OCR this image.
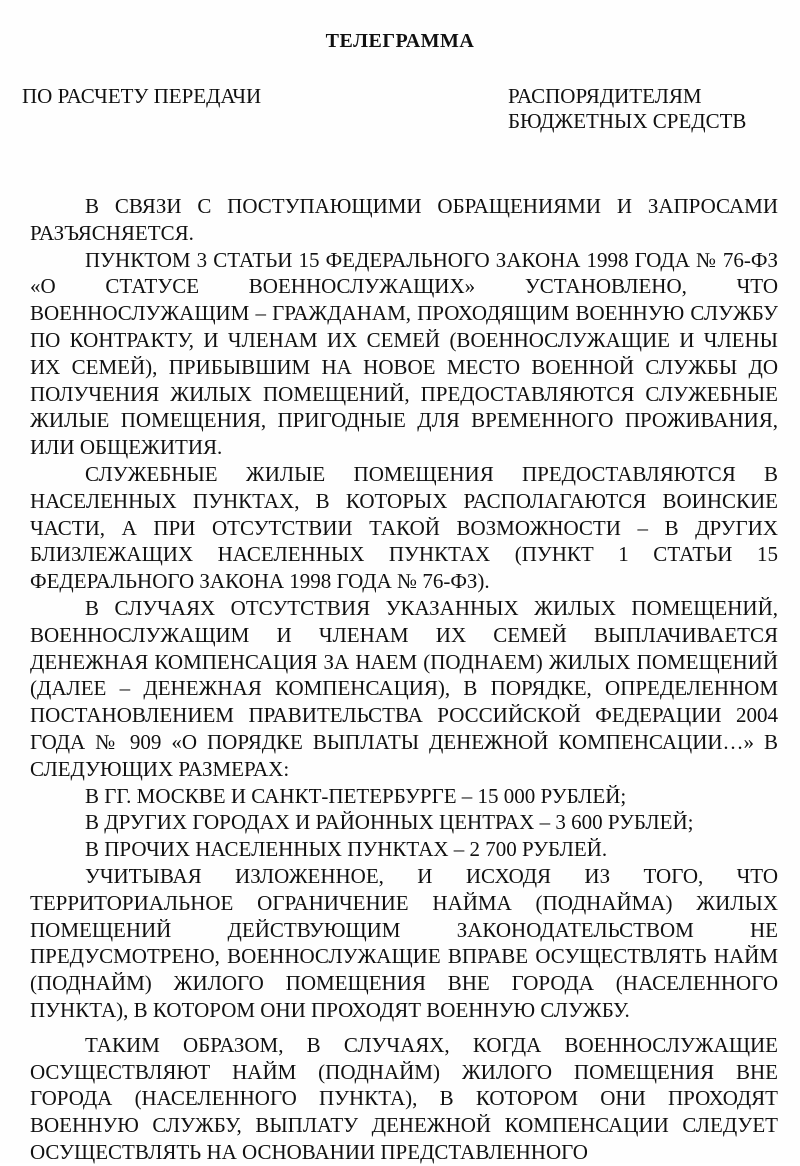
ТЕЛЕГРАММА
ПО РАСЧЕТУ ПЕРЕДАЧИ	РАСПОРЯДИТЕЛЯМ
БЮДЖЕТНЫХ СРЕДСТВ

В СВЯЗИ С ПОСТУПАЮЩИМИ ОБРАЩЕНИЯМИ И ЗАПРОСАМИ РАЗЪЯСНЯЕТСЯ.

ПУНКТОМ 3 СТАТЬИ 15 ФЕДЕРАЛЬНОГО ЗАКОНА 1998 ГОДА № 76-ФЗ «О СТАТУСЕ ВОЕННОСЛУЖАЩИХ» УСТАНОВЛЕНО, ЧТО ВОЕННОСЛУЖАЩИМ – ГРАЖДАНАМ, ПРОХОДЯЩИМ ВОЕННУЮ СЛУЖБУ ПО КОНТРАКТУ, И ЧЛЕНАМ ИХ СЕМЕЙ (ВОЕННОСЛУЖАЩИЕ И ЧЛЕНЫ ИХ СЕМЕЙ), ПРИБЫВШИМ НА НОВОЕ МЕСТО ВОЕННОЙ СЛУЖБЫ ДО ПОЛУЧЕНИЯ ЖИЛЫХ ПОМЕЩЕНИЙ, ПРЕДОСТАВЛЯЮТСЯ СЛУЖЕБНЫЕ ЖИЛЫЕ ПОМЕЩЕНИЯ, ПРИГОДНЫЕ ДЛЯ ВРЕМЕННОГО ПРОЖИВАНИЯ, ИЛИ ОБЩЕЖИТИЯ.

СЛУЖЕБНЫЕ ЖИЛЫЕ ПОМЕЩЕНИЯ ПРЕДОСТАВЛЯЮТСЯ В НАСЕЛЕННЫХ ПУНКТАХ, В КОТОРЫХ РАСПОЛАГАЮТСЯ ВОИНСКИЕ ЧАСТИ, А ПРИ ОТСУТСТВИИ ТАКОЙ ВОЗМОЖНОСТИ – В ДРУГИХ БЛИЗЛЕЖАЩИХ НАСЕЛЕННЫХ ПУНКТАХ (ПУНКТ 1 СТАТЬИ 15 ФЕДЕРАЛЬНОГО ЗАКОНА 1998 ГОДА № 76-ФЗ).

В СЛУЧАЯХ ОТСУТСТВИЯ УКАЗАННЫХ ЖИЛЫХ ПОМЕЩЕНИЙ, ВОЕННОСЛУЖАЩИМ И ЧЛЕНАМ ИХ СЕМЕЙ ВЫПЛАЧИВАЕТСЯ ДЕНЕЖНАЯ КОМПЕНСАЦИЯ ЗА НАЕМ (ПОДНАЕМ) ЖИЛЫХ ПОМЕЩЕНИЙ (ДАЛЕЕ – ДЕНЕЖНАЯ КОМПЕНСАЦИЯ), В ПОРЯДКЕ, ОПРЕДЕЛЕННОМ ПОСТАНОВЛЕНИЕМ ПРАВИТЕЛЬСТВА РОССИЙСКОЙ ФЕДЕРАЦИИ 2004 ГОДА № 909 «О ПОРЯДКЕ ВЫПЛАТЫ ДЕНЕЖНОЙ КОМПЕНСАЦИИ…» В СЛЕДУЮЩИХ РАЗМЕРАХ:

В ГГ. МОСКВЕ И САНКТ-ПЕТЕРБУРГЕ – 15 000 РУБЛЕЙ;

В ДРУГИХ ГОРОДАХ И РАЙОННЫХ ЦЕНТРАХ – 3 600 РУБЛЕЙ;

В ПРОЧИХ НАСЕЛЕННЫХ ПУНКТАХ – 2 700 РУБЛЕЙ.

УЧИТЫВАЯ ИЗЛОЖЕННОЕ, И ИСХОДЯ ИЗ ТОГО, ЧТО ТЕРРИТОРИАЛЬНОЕ ОГРАНИЧЕНИЕ НАЙМА (ПОДНАЙМА) ЖИЛЫХ ПОМЕЩЕНИЙ ДЕЙСТВУЮЩИМ ЗАКОНОДАТЕЛЬСТВОМ НЕ ПРЕДУСМОТРЕНО, ВОЕННОСЛУЖАЩИЕ ВПРАВЕ ОСУЩЕСТВЛЯТЬ НАЙМ (ПОДНАЙМ) ЖИЛОГО ПОМЕЩЕНИЯ ВНЕ ГОРОДА (НАСЕЛЕННОГО ПУНКТА), В КОТОРОМ ОНИ ПРОХОДЯТ ВОЕННУЮ СЛУЖБУ.

ТАКИМ ОБРАЗОМ, В СЛУЧАЯХ, КОГДА ВОЕННОСЛУЖАЩИЕ ОСУЩЕСТВЛЯЮТ НАЙМ (ПОДНАЙМ) ЖИЛОГО ПОМЕЩЕНИЯ ВНЕ ГОРОДА (НАСЕЛЕННОГО ПУНКТА), В КОТОРОМ ОНИ ПРОХОДЯТ ВОЕННУЮ СЛУЖБУ, ВЫПЛАТУ ДЕНЕЖНОЙ КОМПЕНСАЦИИ СЛЕДУЕТ ОСУЩЕСТВЛЯТЬ НА ОСНОВАНИИ ПРЕДСТАВЛЕННОГО
